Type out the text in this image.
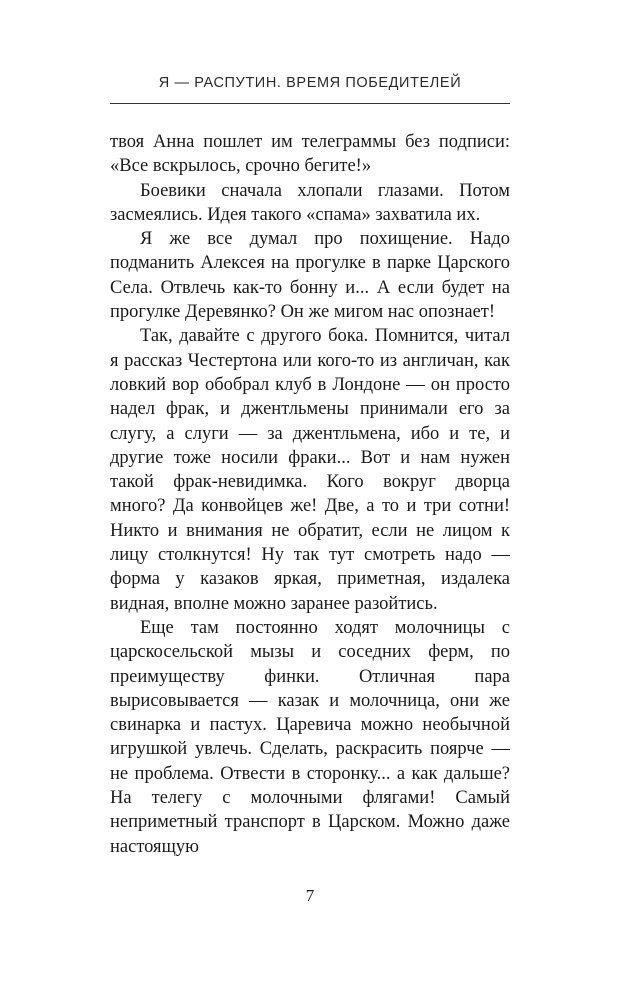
Я — РАСПУТИН. ВРЕМЯ ПОБЕДИТЕЛЕЙ

твоя Анна пошлет им телеграммы без подписи: «Все вскрылось, срочно бегите!»

Боевики сначала хлопали глазами. Потом засмеялись. Идея такого «спама» захватила их.

Я же все думал про похищение. Надо подманить Алексея на прогулке в парке Царского Села. Отвлечь как-то бонну и... А если будет на прогулке Деревянко? Он же мигом нас опознает!

Так, давайте с другого бока. Помнится, читал я рассказ Честертона или кого-то из англичан, как ловкий вор обобрал клуб в Лондоне — он просто надел фрак, и джентльмены принимали его за слугу, а слуги — за джентльмена, ибо и те, и другие тоже носили фраки... Вот и нам нужен такой фрак-невидимка. Кого вокруг дворца много? Да конвойцев же! Две, а то и три сотни! Никто и внимания не обратит, если не лицом к лицу столкнутся! Ну так тут смотреть надо — форма у казаков яркая, приметная, издалека видная, вполне можно заранее разойтись.

Еще там постоянно ходят молочницы с царскосельской мызы и соседних ферм, по преимуществу финки. Отличная пара вырисовывается — казак и молочница, они же свинарка и пастух. Царевича можно необычной игрушкой увлечь. Сделать, раскрасить поярче — не проблема. Отвести в сторонку... а как дальше? На телегу с молочными флягами! Самый неприметный транспорт в Царском. Можно даже настоящую

7
